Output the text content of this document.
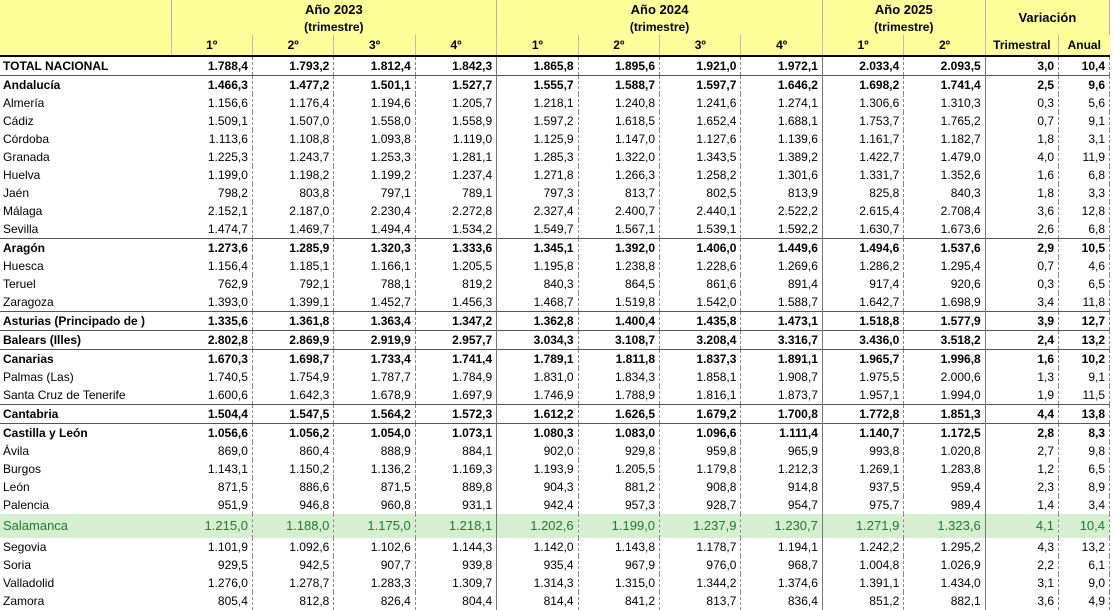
	Año 2023				Año 2024				Año 2025		Variación	
	(trimestre)				(trimestre)				(trimestre)			
	1º	2º	3º	4º	1º	2º	3º	4º	1º	2º	Trimestral	Anual
TOTAL NACIONAL	1.788,4	1.793,2	1.812,4	1.842,3	1.865,8	1.895,6	1.921,0	1.972,1	2.033,4	2.093,5	3,0	10,4
Andalucía	1.466,3	1.477,2	1.501,1	1.527,7	1.555,7	1.588,7	1.597,7	1.646,2	1.698,2	1.741,4	2,5	9,6
Almería	1.156,6	1.176,4	1.194,6	1.205,7	1.218,1	1.240,8	1.241,6	1.274,1	1.306,6	1.310,3	0,3	5,6
Cádiz	1.509,1	1.507,0	1.558,0	1.558,9	1.597,2	1.618,5	1.652,4	1.688,1	1.753,7	1.765,2	0,7	9,1
Córdoba	1.113,6	1.108,8	1.093,8	1.119,0	1.125,9	1.147,0	1.127,6	1.139,6	1.161,7	1.182,7	1,8	3,1
Granada	1.225,3	1.243,7	1.253,3	1.281,1	1.285,3	1.322,0	1.343,5	1.389,2	1.422,7	1.479,0	4,0	11,9
Huelva	1.199,0	1.198,2	1.199,2	1.237,4	1.271,8	1.266,3	1.258,2	1.301,6	1.331,7	1.352,6	1,6	6,8
Jaén	798,2	803,8	797,1	789,1	797,3	813,7	802,5	813,9	825,8	840,3	1,8	3,3
Málaga	2.152,1	2.187,0	2.230,4	2.272,8	2.327,4	2.400,7	2.440,1	2.522,2	2.615,4	2.708,4	3,6	12,8
Sevilla	1.474,7	1.469,7	1.494,4	1.534,2	1.549,7	1.567,1	1.539,1	1.592,2	1.630,7	1.673,6	2,6	6,8
Aragón	1.273,6	1.285,9	1.320,3	1.333,6	1.345,1	1.392,0	1.406,0	1.449,6	1.494,6	1.537,6	2,9	10,5
Huesca	1.156,4	1.185,1	1.166,1	1.205,5	1.195,8	1.238,8	1.228,6	1.269,6	1.286,2	1.295,4	0,7	4,6
Teruel	762,9	792,1	788,1	819,2	840,3	864,5	861,6	891,4	917,4	920,6	0,3	6,5
Zaragoza	1.393,0	1.399,1	1.452,7	1.456,3	1.468,7	1.519,8	1.542,0	1.588,7	1.642,7	1.698,9	3,4	11,8
Asturias (Principado de )	1.335,6	1.361,8	1.363,4	1.347,2	1.362,8	1.400,4	1.435,8	1.473,1	1.518,8	1.577,9	3,9	12,7
Balears (Illes)	2.802,8	2.869,9	2.919,9	2.957,7	3.034,3	3.108,7	3.208,4	3.316,7	3.436,0	3.518,2	2,4	13,2
Canarias	1.670,3	1.698,7	1.733,4	1.741,4	1.789,1	1.811,8	1.837,3	1.891,1	1.965,7	1.996,8	1,6	10,2
Palmas (Las)	1.740,5	1.754,9	1.787,7	1.784,9	1.831,0	1.834,3	1.858,1	1.908,7	1.975,5	2.000,6	1,3	9,1
Santa Cruz de Tenerife	1.600,6	1.642,3	1.678,9	1.697,9	1.746,9	1.788,9	1.816,1	1.873,7	1.957,1	1.994,0	1,9	11,5
Cantabria	1.504,4	1.547,5	1.564,2	1.572,3	1.612,2	1.626,5	1.679,2	1.700,8	1.772,8	1.851,3	4,4	13,8
Castilla y León	1.056,6	1.056,2	1.054,0	1.073,1	1.080,3	1.083,0	1.096,6	1.111,4	1.140,7	1.172,5	2,8	8,3
Ávila	869,0	860,4	888,9	884,1	902,0	929,8	959,8	965,9	993,8	1.020,8	2,7	9,8
Burgos	1.143,1	1.150,2	1.136,2	1.169,3	1.193,9	1.205,5	1.179,8	1.212,3	1.269,1	1.283,8	1,2	6,5
León	871,5	886,6	871,5	889,8	904,3	881,2	908,8	914,8	937,5	959,4	2,3	8,9
Palencia	951,9	946,8	960,8	931,1	942,4	957,3	928,7	954,7	975,7	989,4	1,4	3,4
Salamanca	1.215,0	1.188,0	1.175,0	1.218,1	1.202,6	1.199,0	1.237,9	1.230,7	1.271,9	1.323,6	4,1	10,4
Segovia	1.101,9	1.092,6	1.102,6	1.144,3	1.142,0	1.143,8	1.178,7	1.194,1	1.242,2	1.295,2	4,3	13,2
Soria	929,5	942,5	907,7	939,8	935,4	967,9	976,0	968,7	1.004,8	1.026,9	2,2	6,1
Valladolid	1.276,0	1.278,7	1.283,3	1.309,7	1.314,3	1.315,0	1.344,2	1.374,6	1.391,1	1.434,0	3,1	9,0
Zamora	805,4	812,8	826,4	804,4	814,4	841,2	813,7	836,4	851,2	882,1	3,6	4,9
